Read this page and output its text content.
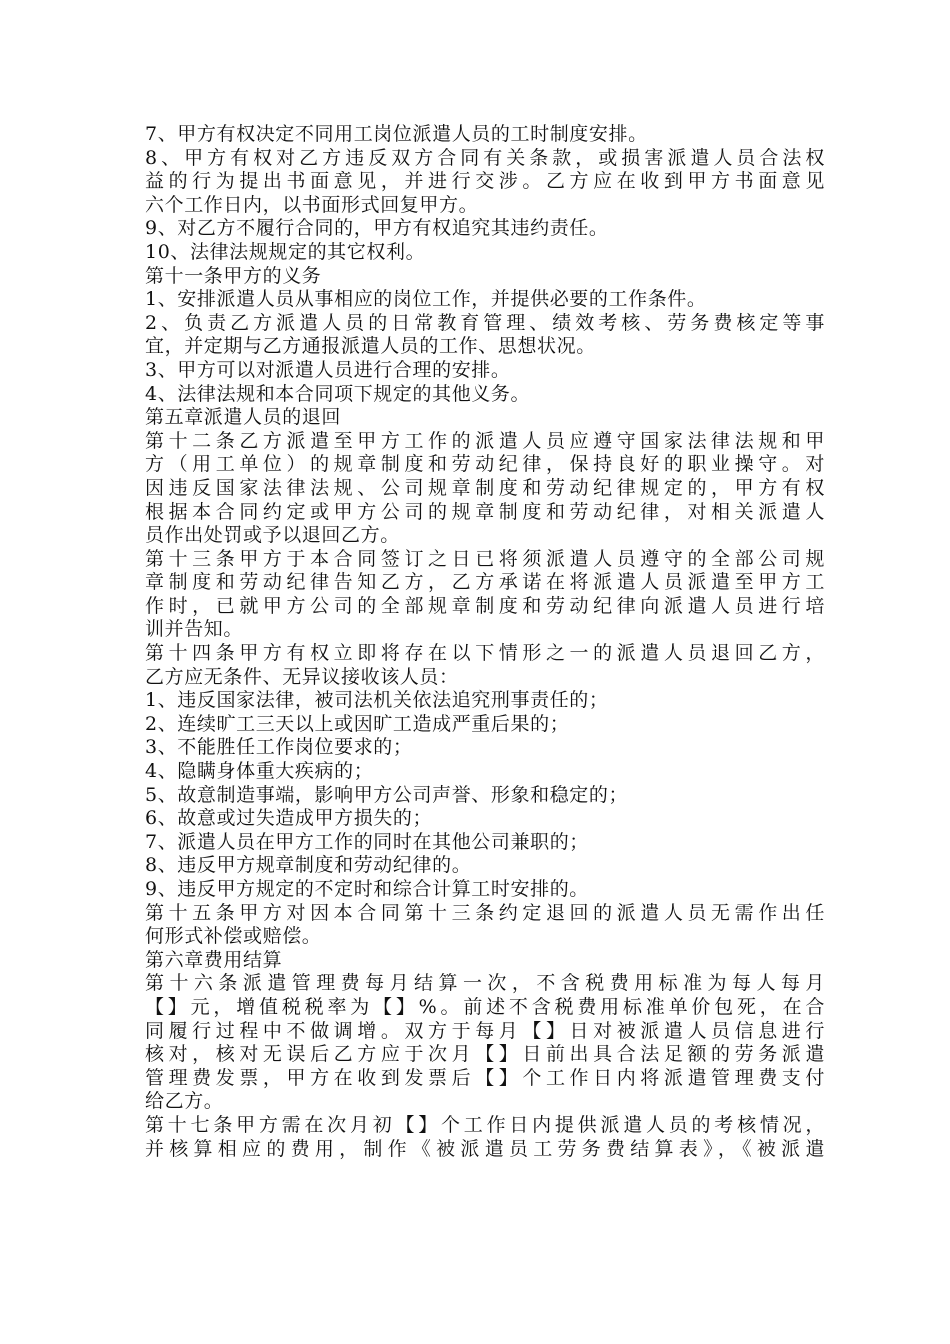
7、甲方有权决定不同用工岗位派遣人员的工时制度安排。
8、甲方有权对乙方违反双方合同有关条款，或损害派遣人员合法权
益的行为提出书面意见，并进行交涉。乙方应在收到甲方书面意见
六个工作日内，以书面形式回复甲方。
9、对乙方不履行合同的，甲方有权追究其违约责任。
10、法律法规规定的其它权利。
第十一条甲方的义务
1、安排派遣人员从事相应的岗位工作，并提供必要的工作条件。
2、负责乙方派遣人员的日常教育管理、绩效考核、劳务费核定等事
宜，并定期与乙方通报派遣人员的工作、思想状况。
3、甲方可以对派遣人员进行合理的安排。
4、法律法规和本合同项下规定的其他义务。
第五章派遣人员的退回
第十二条乙方派遣至甲方工作的派遣人员应遵守国家法律法规和甲
方（用工单位）的规章制度和劳动纪律，保持良好的职业操守。对
因违反国家法律法规、公司规章制度和劳动纪律规定的，甲方有权
根据本合同约定或甲方公司的规章制度和劳动纪律，对相关派遣人
员作出处罚或予以退回乙方。
第十三条甲方于本合同签订之日已将须派遣人员遵守的全部公司规
章制度和劳动纪律告知乙方，乙方承诺在将派遣人员派遣至甲方工
作时，已就甲方公司的全部规章制度和劳动纪律向派遣人员进行培
训并告知。
第十四条甲方有权立即将存在以下情形之一的派遣人员退回乙方，
乙方应无条件、无异议接收该人员：
1、违反国家法律，被司法机关依法追究刑事责任的；
2、连续旷工三天以上或因旷工造成严重后果的；
3、不能胜任工作岗位要求的；
4、隐瞒身体重大疾病的；
5、故意制造事端，影响甲方公司声誉、形象和稳定的；
6、故意或过失造成甲方损失的；
7、派遣人员在甲方工作的同时在其他公司兼职的；
8、违反甲方规章制度和劳动纪律的。
9、违反甲方规定的不定时和综合计算工时安排的。
第十五条甲方对因本合同第十三条约定退回的派遣人员无需作出任
何形式补偿或赔偿。
第六章费用结算
第十六条派遣管理费每月结算一次，不含税费用标准为每人每月
【】元，增值税税率为【】%。前述不含税费用标准单价包死，在合
同履行过程中不做调增。双方于每月【】日对被派遣人员信息进行
核对，核对无误后乙方应于次月【】日前出具合法足额的劳务派遣
管理费发票，甲方在收到发票后【】个工作日内将派遣管理费支付
给乙方。
第十七条甲方需在次月初【】个工作日内提供派遣人员的考核情况，
并核算相应的费用，制作《被派遣员工劳务费结算表》，《被派遣
